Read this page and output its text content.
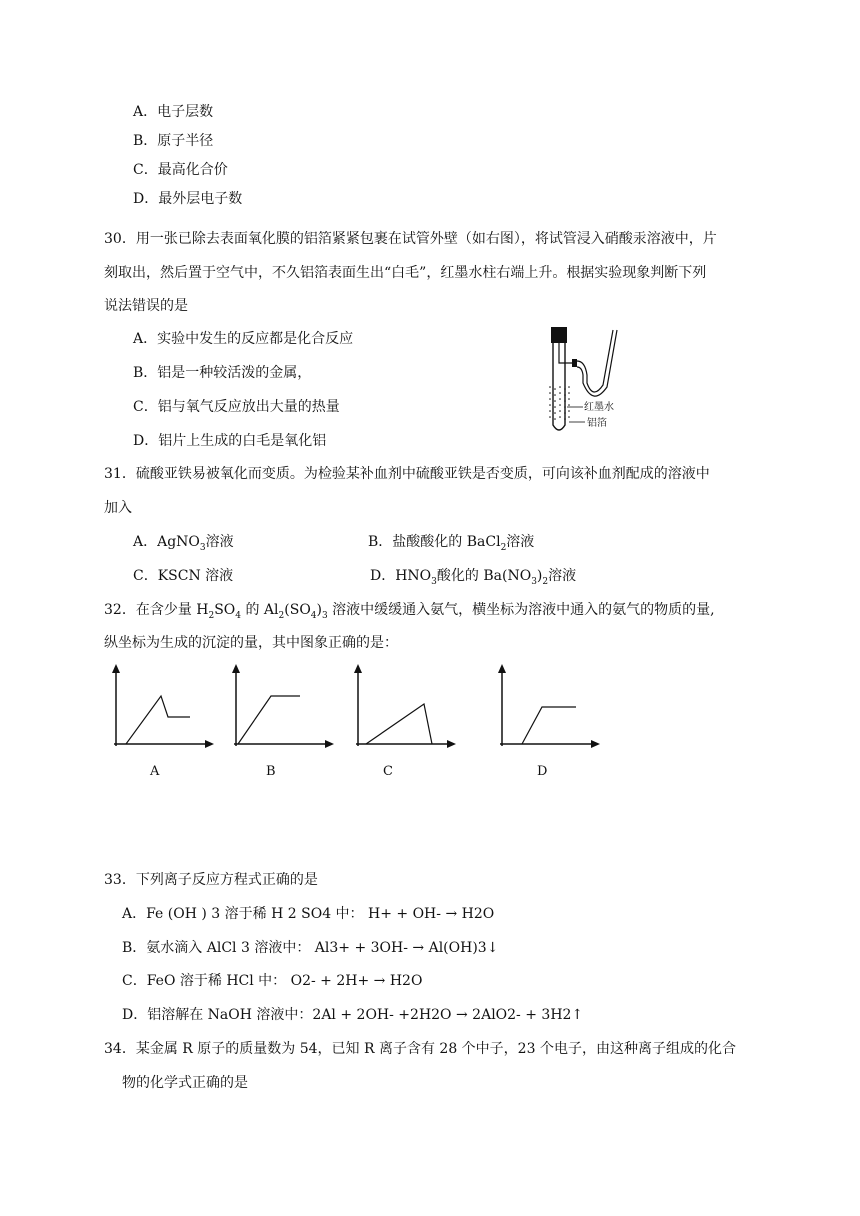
A．电子层数
B．原子半径
C．最高化合价
D．最外层电子数
30．用一张已除去表面氧化膜的铝箔紧紧包裹在试管外壁（如右图），将试管浸入硝酸汞溶液中，片
刻取出，然后置于空气中，不久铝箔表面生出“白毛”，红墨水柱右端上升。根据实验现象判断下列
说法错误的是
A．实验中发生的反应都是化合反应
B．铝是一种较活泼的金属，
C．铝与氧气反应放出大量的热量
D．铝片上生成的白毛是氧化铝
红墨水
铝箔
31．硫酸亚铁易被氧化而变质。为检验某补血剂中硫酸亚铁是否变质，可向该补血剂配成的溶液中
加入
A．AgNO$_3$溶液	B．盐酸酸化的 BaCl$_2$溶液
C．KSCN 溶液	D．$HNO_3$酸化的 $Ba(NO_3)_2$溶液
32．在含少量 $H_2SO_4$ 的 $Al_2(SO_4)_3$ 溶液中缓缓通入氨气，横坐标为溶液中通入的氨气的物质的量,
纵坐标为生成的沉淀的量，其中图象正确的是：
A	B	C	D
33．下列离子反应方程式正确的是
A．Fe (OH ) 3 溶于稀 H 2 SO4 中： H+ + OH- → H2O
B．氨水滴入 AlCl 3 溶液中： Al3+ + 3OH- → Al(OH)3↓
C．FeO 溶于稀 HCl 中： O2- + 2H+ → H2O
D．铝溶解在 NaOH 溶液中：2Al + 2OH- +2H2O → 2AlO2- + 3H2↑
34．某金属 R 原子的质量数为 54，已知 R 离子含有 28 个中子，23 个电子，由这种离子组成的化合
物的化学式正确的是
